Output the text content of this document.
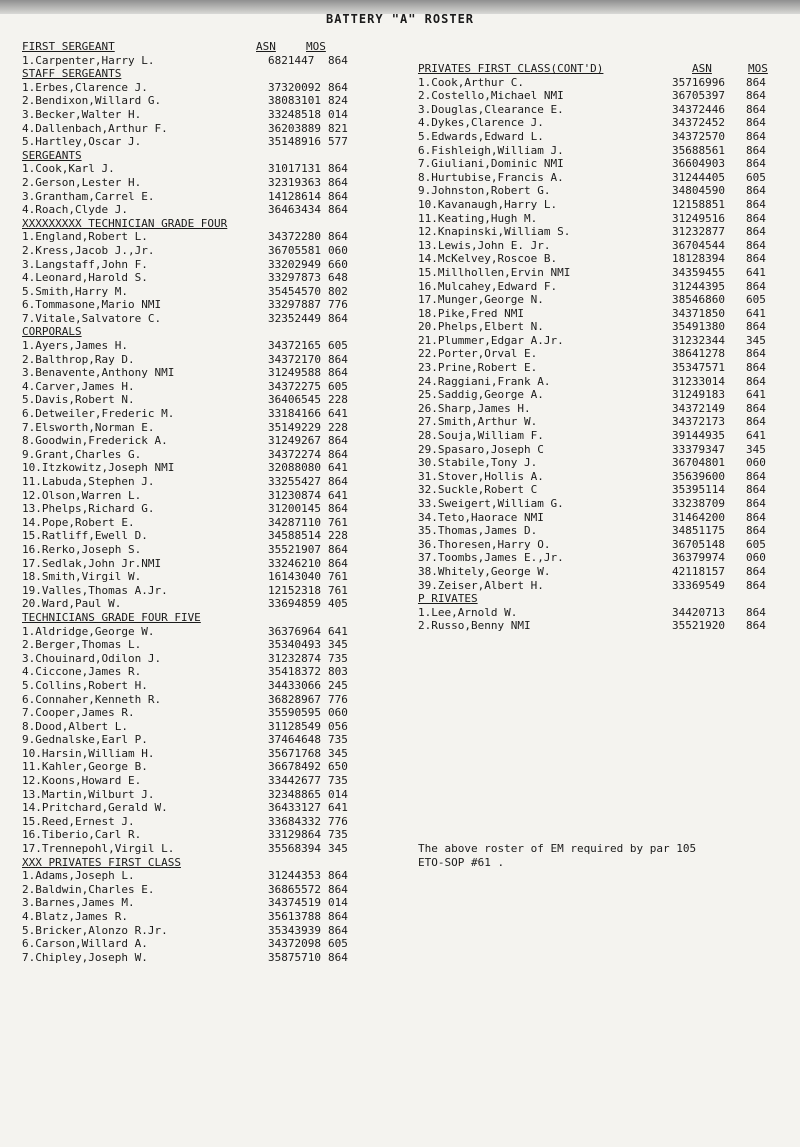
BATTERY "A" ROSTER
FIRST SERGEANT	ASN	MOS
1.Carpenter,Harry L.	6821447 864
STAFF SERGEANTS
1.Erbes,Clarence J.	37320092 864
2.Bendixon,Willard G.	38083101 824
3.Becker,Walter H.	33248518 014
4.Dallenbach,Arthur F.	36203889 821
5.Hartley,Oscar J.	35148916 577
SERGEANTS
1.Cook,Karl J.	31017131 864
2.Gerson,Lester H.	32319363 864
3.Grantham,Carrel E.	14128614 864
4.Roach,Clyde J.	36463434 864
XXXXXXXXX TECHNICIAN GRADE FOUR
1.England,Robert L.	34372280 864
2.Kress,Jacob J.,Jr.	36705581 060
3.Langstaff,John F.	33202949 660
4.Leonard,Harold S.	33297873 648
5.Smith,Harry M.	35454570 802
6.Tommasone,Mario NMI	33297887 776
7.Vitale,Salvatore C.	32352449 864
CORPORALS
1.Ayers,James H.	34372165 605
2.Balthrop,Ray D.	34372170 864
3.Benavente,Anthony NMI	31249588 864
4.Carver,James H.	34372275 605
5.Davis,Robert N.	36406545 228
6.Detweiler,Frederic M.	33184166 641
7.Elsworth,Norman E.	35149229 228
8.Goodwin,Frederick A.	31249267 864
9.Grant,Charles G.	34372274 864
10.Itzkowitz,Joseph NMI	32088080 641
11.Labuda,Stephen J.	33255427 864
12.Olson,Warren L.	31230874 641
13.Phelps,Richard G.	31200145 864
14.Pope,Robert E.	34287110 761
15.Ratliff,Ewell D.	34588514 228
16.Rerko,Joseph S.	35521907 864
17.Sedlak,John Jr.NMI	33246210 864
18.Smith,Virgil W.	16143040 761
19.Valles,Thomas A.Jr.	12152318 761
20.Ward,Paul W.	33694859 405
TECHNICIANS GRADE FOUR FIVE
1.Aldridge,George W.	36376964 641
2.Berger,Thomas L.	35340493 345
3.Chouinard,Odilon J.	31232874 735
4.Ciccone,James R.	35418372 803
5.Collins,Robert H.	34433066 245
6.Connaher,Kenneth R.	36828967 776
7.Cooper,James R.	35590595 060
8.Dood,Albert L.	31128549 056
9.Gednalske,Earl P.	37464648 735
10.Harsin,William H.	35671768 345
11.Kahler,George B.	36678492 650
12.Koons,Howard E.	33442677 735
13.Martin,Wilburt J.	32348865 014
14.Pritchard,Gerald W.	36433127 641
15.Reed,Ernest J.	33684332 776
16.Tiberio,Carl R.	33129864 735
17.Trennepohl,Virgil L.	35568394 345
XXX PRIVATES FIRST CLASS
1.Adams,Joseph L.	31244353 864
2.Baldwin,Charles E.	36865572 864
3.Barnes,James M.	34374519 014
4.Blatz,James R.	35613788 864
5.Bricker,Alonzo R.Jr.	35343939 864
6.Carson,Willard A.	34372098 605
7.Chipley,Joseph W.	35875710 864
PRIVATES FIRST CLASS(CONT'D)	ASN	MOS
1.Cook,Arthur C.	35716996 864
2.Costello,Michael NMI	36705397 864
3.Douglas,Clearance E.	34372446 864
4.Dykes,Clarence J.	34372452 864
5.Edwards,Edward L.	34372570 864
6.Fishleigh,William J.	35688561 864
7.Giuliani,Dominic NMI	36604903 864
8.Hurtubise,Francis A.	31244405 605
9.Johnston,Robert G.	34804590 864
10.Kavanaugh,Harry L.	12158851 864
11.Keating,Hugh M.	31249516 864
12.Knapinski,William S.	31232877 864
13.Lewis,John E. Jr.	36704544 864
14.McKelvey,Roscoe B.	18128394 864
15.Millhollen,Ervin NMI	34359455 641
16.Mulcahey,Edward F.	31244395 864
17.Munger,George N.	38546860 605
18.Pike,Fred NMI	34371850 641
20.Phelps,Elbert N.	35491380 864
21.Plummer,Edgar A.Jr.	31232344 345
22.Porter,Orval E.	38641278 864
23.Prine,Robert E.	35347571 864
24.Raggiani,Frank A.	31233014 864
25.Saddig,George A.	31249183 641
26.Sharp,James H.	34372149 864
27.Smith,Arthur W.	34372173 864
28.Souja,William F.	39144935 641
29.Spasaro,Joseph C	33379347 345
30.Stabile,Tony J.	36704801 060
31.Stover,Hollis A.	35639600 864
32.Suckle,Robert C	35395114 864
33.Sweigert,William G.	33238709 864
34.Teto,Haorace NMI	31464200 864
35.Thomas,James D.	34851175 864
36.Thoresen,Harry O.	36705148 605
37.Toombs,James E.,Jr.	36379974 060
38.Whitely,George W.	42118157 864
39.Zeiser,Albert H.	33369549 864
P RIVATES
1.Lee,Arnold W.	34420713 864
2.Russo,Benny NMI	35521920 864
The above roster of EM required by par 105
ETO-SOP #61 .
